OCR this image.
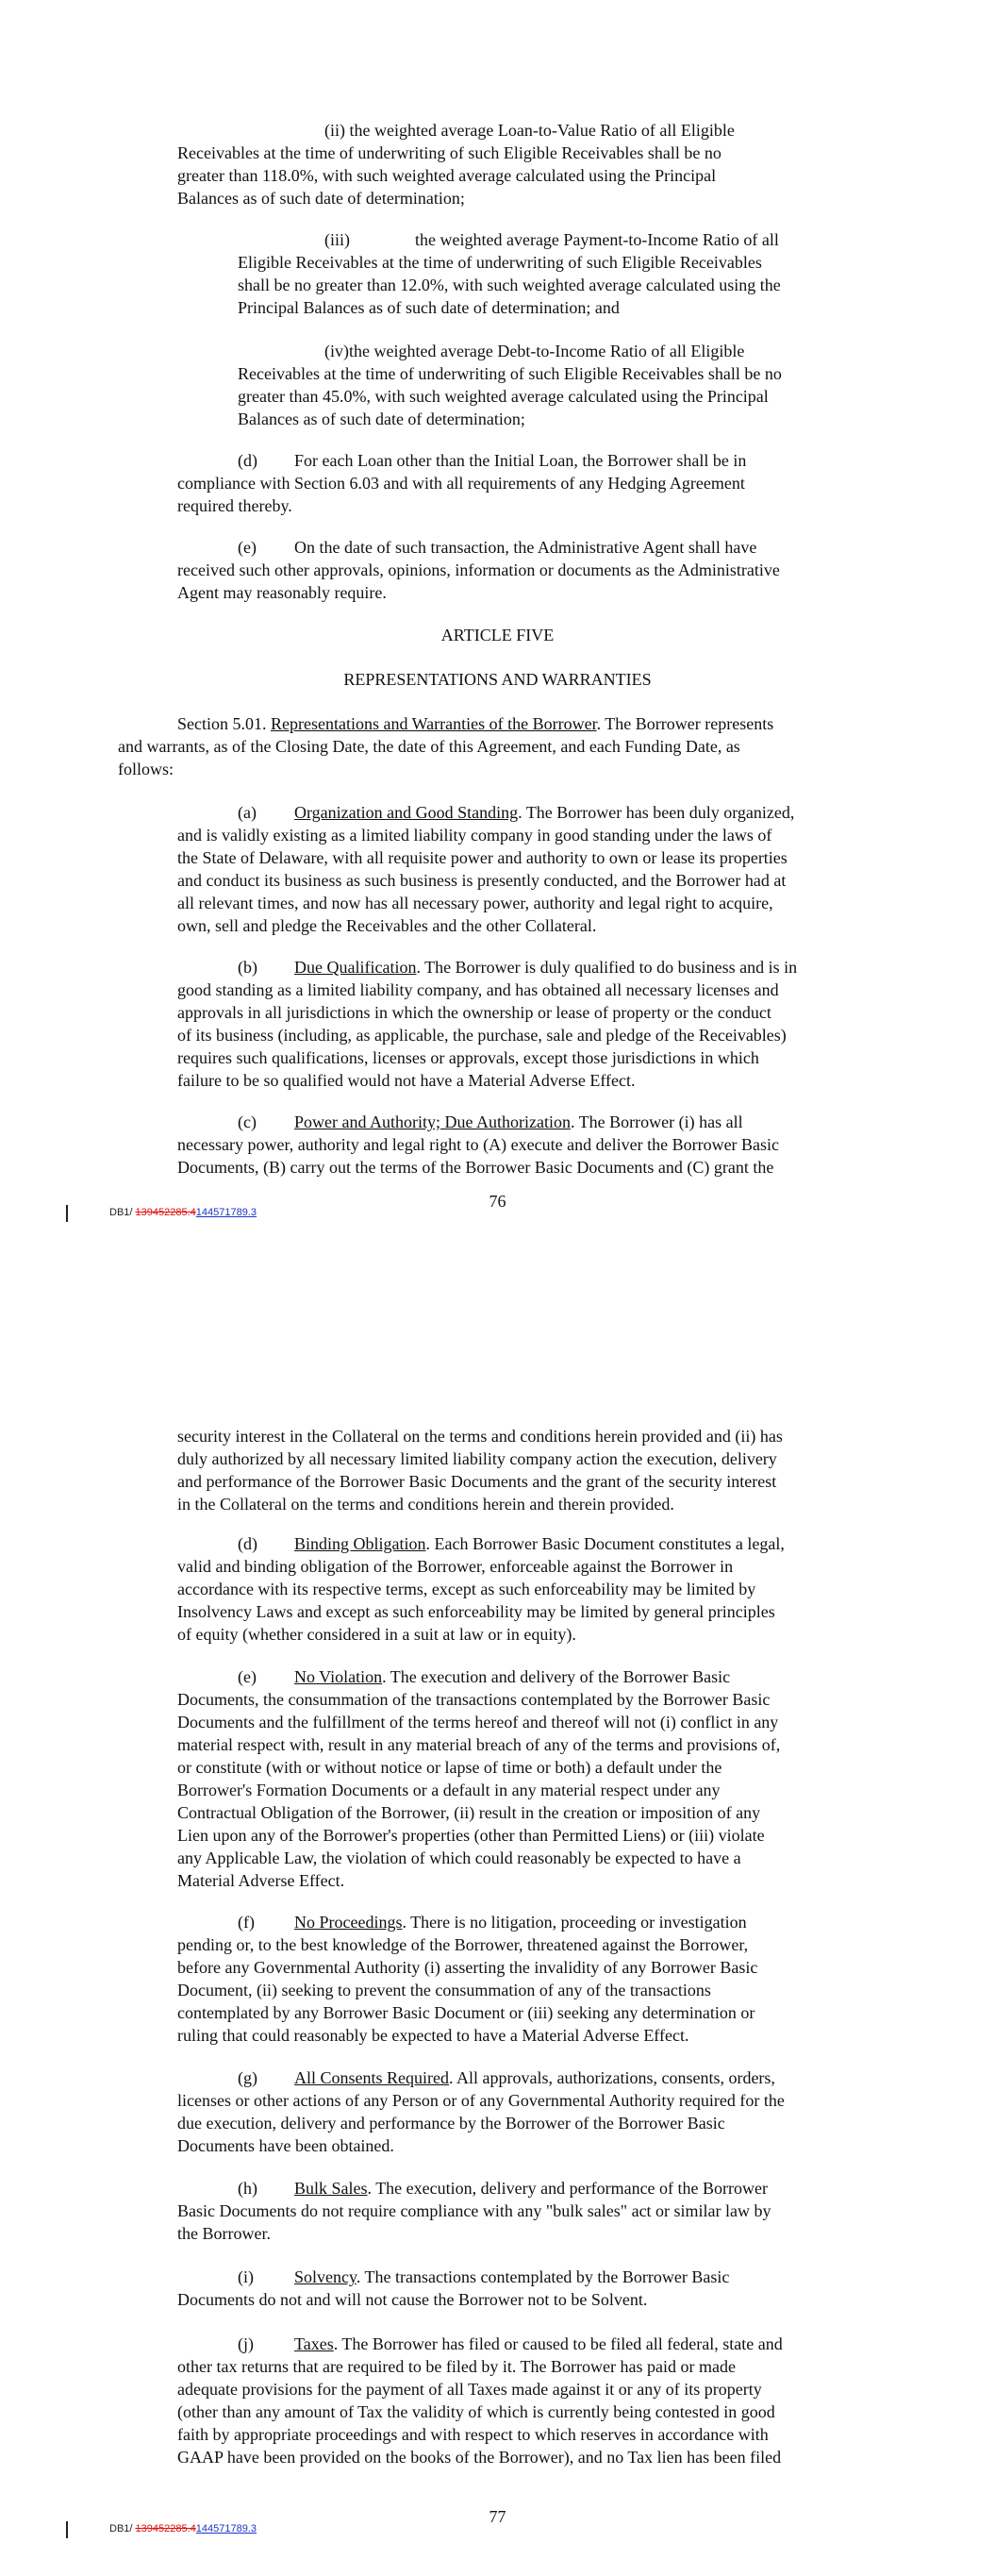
(ii) the weighted average Loan-to-Value Ratio of all Eligible
Receivables at the time of underwriting of such Eligible Receivables shall be no
greater than 118.0%, with such weighted average calculated using the Principal
Balances as of such date of determination;
(iii)	the weighted average Payment-to-Income Ratio of all
Eligible Receivables at the time of underwriting of such Eligible Receivables
shall be no greater than 12.0%, with such weighted average calculated using the
Principal Balances as of such date of determination; and
(iv)the weighted average Debt-to-Income Ratio of all Eligible
Receivables at the time of underwriting of such Eligible Receivables shall be no
greater than 45.0%, with such weighted average calculated using the Principal
Balances as of such date of determination;
(d) For each Loan other than the Initial Loan, the Borrower shall be in
compliance with Section 6.03 and with all requirements of any Hedging Agreement
required thereby.
(e) On the date of such transaction, the Administrative Agent shall have
received such other approvals, opinions, information or documents as the Administrative
Agent may reasonably require.
ARTICLE FIVE
REPRESENTATIONS AND WARRANTIES
Section 5.01. Representations and Warranties of the Borrower. The Borrower represents
and warrants, as of the Closing Date, the date of this Agreement, and each Funding Date, as
follows:
(a) Organization and Good Standing. The Borrower has been duly organized,
and is validly existing as a limited liability company in good standing under the laws of
the State of Delaware, with all requisite power and authority to own or lease its properties
and conduct its business as such business is presently conducted, and the Borrower had at
all relevant times, and now has all necessary power, authority and legal right to acquire,
own, sell and pledge the Receivables and the other Collateral.
(b) Due Qualification. The Borrower is duly qualified to do business and is in
good standing as a limited liability company, and has obtained all necessary licenses and
approvals in all jurisdictions in which the ownership or lease of property or the conduct
of its business (including, as applicable, the purchase, sale and pledge of the Receivables)
requires such qualifications, licenses or approvals, except those jurisdictions in which
failure to be so qualified would not have a Material Adverse Effect.
(c) Power and Authority; Due Authorization. The Borrower (i) has all
necessary power, authority and legal right to (A) execute and deliver the Borrower Basic
Documents, (B) carry out the terms of the Borrower Basic Documents and (C) grant the
76
DB1/ 139452285.4144571789.3
security interest in the Collateral on the terms and conditions herein provided and (ii) has
duly authorized by all necessary limited liability company action the execution, delivery
and performance of the Borrower Basic Documents and the grant of the security interest
in the Collateral on the terms and conditions herein and therein provided.
(d) Binding Obligation. Each Borrower Basic Document constitutes a legal,
valid and binding obligation of the Borrower, enforceable against the Borrower in
accordance with its respective terms, except as such enforceability may be limited by
Insolvency Laws and except as such enforceability may be limited by general principles
of equity (whether considered in a suit at law or in equity).
(e) No Violation. The execution and delivery of the Borrower Basic
Documents, the consummation of the transactions contemplated by the Borrower Basic
Documents and the fulfillment of the terms hereof and thereof will not (i) conflict in any
material respect with, result in any material breach of any of the terms and provisions of,
or constitute (with or without notice or lapse of time or both) a default under the
Borrower's Formation Documents or a default in any material respect under any
Contractual Obligation of the Borrower, (ii) result in the creation or imposition of any
Lien upon any of the Borrower's properties (other than Permitted Liens) or (iii) violate
any Applicable Law, the violation of which could reasonably be expected to have a
Material Adverse Effect.
(f) No Proceedings. There is no litigation, proceeding or investigation
pending or, to the best knowledge of the Borrower, threatened against the Borrower,
before any Governmental Authority (i) asserting the invalidity of any Borrower Basic
Document, (ii) seeking to prevent the consummation of any of the transactions
contemplated by any Borrower Basic Document or (iii) seeking any determination or
ruling that could reasonably be expected to have a Material Adverse Effect.
(g) All Consents Required. All approvals, authorizations, consents, orders,
licenses or other actions of any Person or of any Governmental Authority required for the
due execution, delivery and performance by the Borrower of the Borrower Basic
Documents have been obtained.
(h) Bulk Sales. The execution, delivery and performance of the Borrower
Basic Documents do not require compliance with any "bulk sales" act or similar law by
the Borrower.
(i) Solvency. The transactions contemplated by the Borrower Basic
Documents do not and will not cause the Borrower not to be Solvent.
(j) Taxes. The Borrower has filed or caused to be filed all federal, state and
other tax returns that are required to be filed by it. The Borrower has paid or made
adequate provisions for the payment of all Taxes made against it or any of its property
(other than any amount of Tax the validity of which is currently being contested in good
faith by appropriate proceedings and with respect to which reserves in accordance with
GAAP have been provided on the books of the Borrower), and no Tax lien has been filed
77
DB1/ 139452285.4144571789.3
